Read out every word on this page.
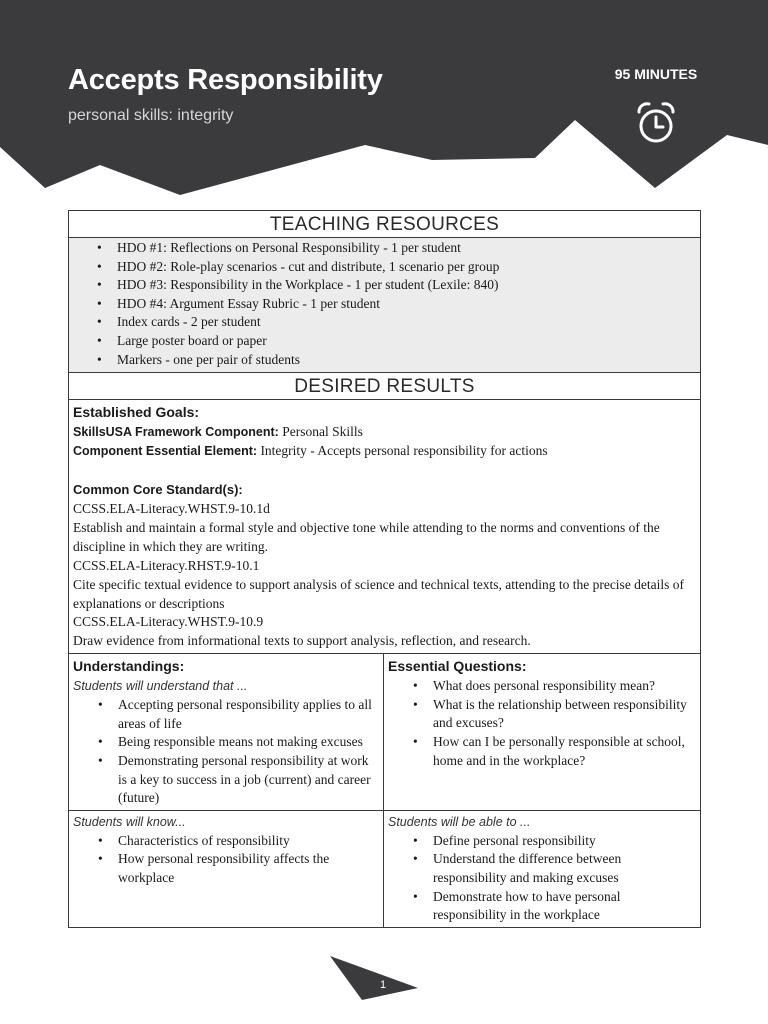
Accepts Responsibility
personal skills: integrity
95 MINUTES
TEACHING RESOURCES
• HDO #1: Reflections on Personal Responsibility - 1 per student
• HDO #2: Role-play scenarios - cut and distribute, 1 scenario per group
• HDO #3: Responsibility in the Workplace - 1 per student (Lexile: 840)
• HDO #4: Argument Essay Rubric - 1 per student
• Index cards - 2 per student
• Large poster board or paper
• Markers - one per pair of students
DESIRED RESULTS
Established Goals:
SkillsUSA Framework Component: Personal Skills
Component Essential Element: Integrity - Accepts personal responsibility for actions
Common Core Standard(s):
CCSS.ELA-Literacy.WHST.9-10.1d
Establish and maintain a formal style and objective tone while attending to the norms and conventions of the discipline in which they are writing.
CCSS.ELA-Literacy.RHST.9-10.1
Cite specific textual evidence to support analysis of science and technical texts, attending to the precise details of explanations or descriptions
CCSS.ELA-Literacy.WHST.9-10.9
Draw evidence from informational texts to support analysis, reflection, and research.
Understandings:
Students will understand that ...
• Accepting personal responsibility applies to all areas of life
• Being responsible means not making excuses
• Demonstrating personal responsibility at work is a key to success in a job (current) and career (future)
Essential Questions:
• What does personal responsibility mean?
• What is the relationship between responsibility and excuses?
• How can I be personally responsible at school, home and in the workplace?
Students will know...
• Characteristics of responsibility
• How personal responsibility affects the workplace
Students will be able to ...
• Define personal responsibility
• Understand the difference between responsibility and making excuses
• Demonstrate how to have personal responsibility in the workplace
1
